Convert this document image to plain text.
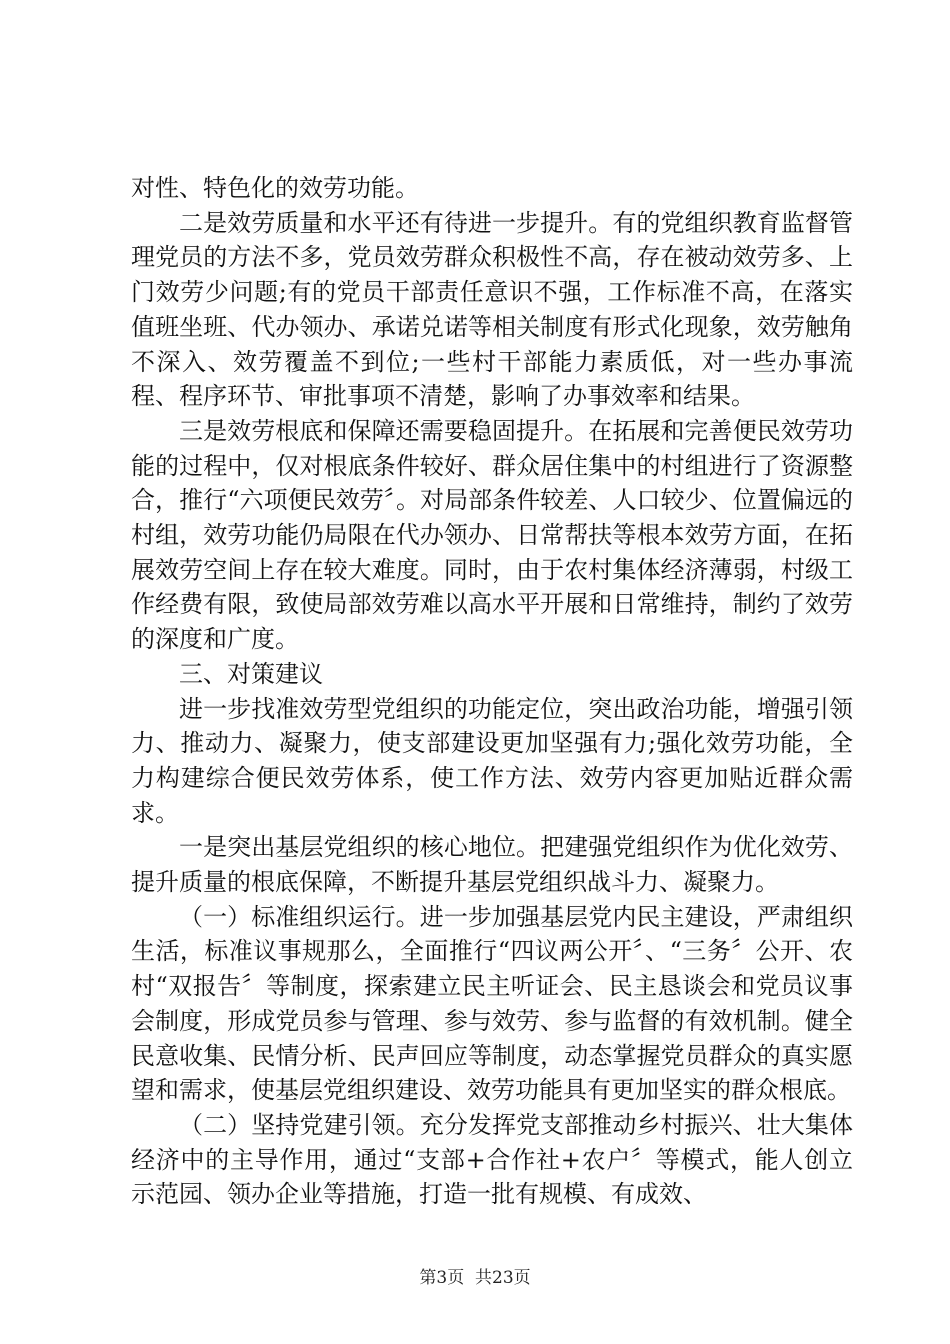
对性、特色化的效劳功能。

二是效劳质量和水平还有待进一步提升。有的党组织教育监督管理党员的方法不多，党员效劳群众积极性不高，存在被动效劳多、上门效劳少问题;有的党员干部责任意识不强，工作标准不高，在落实值班坐班、代办领办、承诺兑诺等相关制度有形式化现象，效劳触角不深入、效劳覆盖不到位;一些村干部能力素质低，对一些办事流程、程序环节、审批事项不清楚，影响了办事效率和结果。

三是效劳根底和保障还需要稳固提升。在拓展和完善便民效劳功能的过程中，仅对根底条件较好、群众居住集中的村组进行了资源整合，推行“六项便民效劳〞。对局部条件较差、人口较少、位置偏远的村组，效劳功能仍局限在代办领办、日常帮扶等根本效劳方面，在拓展效劳空间上存在较大难度。同时，由于农村集体经济薄弱，村级工作经费有限，致使局部效劳难以高水平开展和日常维持，制约了效劳的深度和广度。

三、对策建议

进一步找准效劳型党组织的功能定位，突出政治功能，增强引领力、推动力、凝聚力，使支部建设更加坚强有力;强化效劳功能，全力构建综合便民效劳体系，使工作方法、效劳内容更加贴近群众需求。

一是突出基层党组织的核心地位。把建强党组织作为优化效劳、提升质量的根底保障，不断提升基层党组织战斗力、凝聚力。

（一）标准组织运行。进一步加强基层党内民主建设，严肃组织生活，标准议事规那么，全面推行“四议两公开〞、“三务〞公开、农村“双报告〞等制度，探索建立民主听证会、民主恳谈会和党员议事会制度，形成党员参与管理、参与效劳、参与监督的有效机制。健全民意收集、民情分析、民声回应等制度，动态掌握党员群众的真实愿望和需求，使基层党组织建设、效劳功能具有更加坚实的群众根底。

（二）坚持党建引领。充分发挥党支部推动乡村振兴、壮大集体经济中的主导作用，通过“支部+合作社+农户〞等模式，能人创立示范园、领办企业等措施，打造一批有规模、有成效、

第3页  共23页
